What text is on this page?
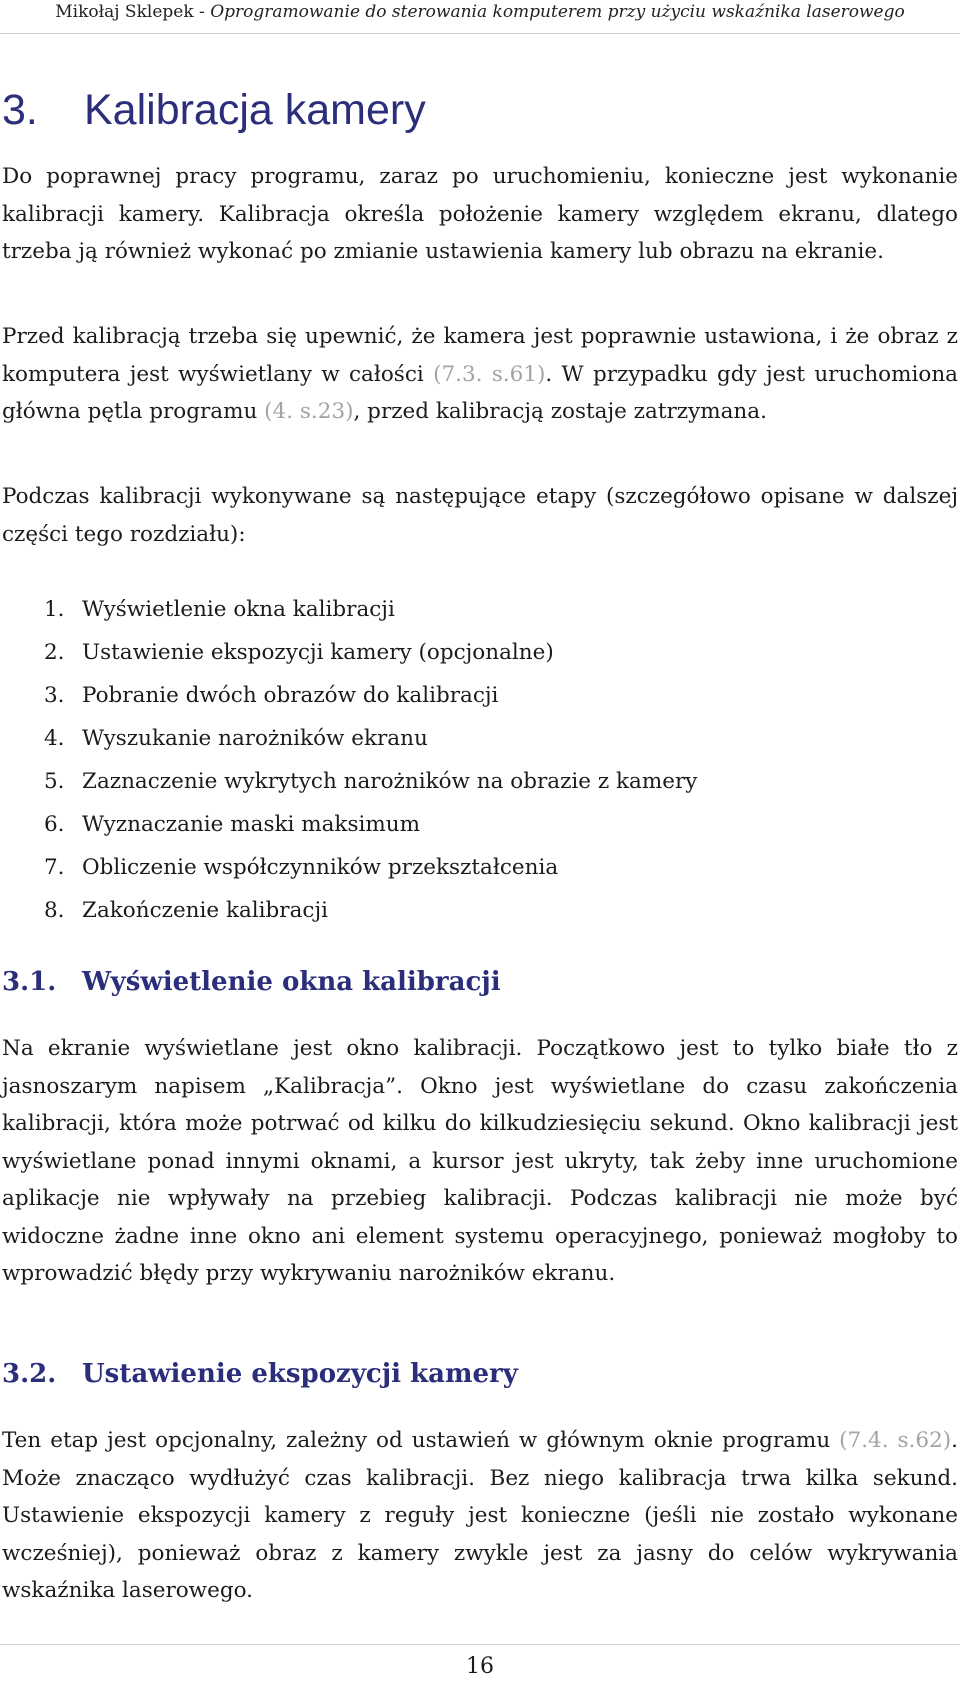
Mikołaj Sklepek - Oprogramowanie do sterowania komputerem przy użyciu wskaźnika laserowego
3. Kalibracja kamery

Do poprawnej pracy programu, zaraz po uruchomieniu, konieczne jest wykonanie kalibracji kamery. Kalibracja określa położenie kamery względem ekranu, dlatego trzeba ją również wykonać po zmianie ustawienia kamery lub obrazu na ekranie.

Przed kalibracją trzeba się upewnić, że kamera jest poprawnie ustawiona, i że obraz z komputera jest wyświetlany w całości (7.3. s.61). W przypadku gdy jest uruchomiona główna pętla programu (4. s.23), przed kalibracją zostaje zatrzymana.

Podczas kalibracji wykonywane są następujące etapy (szczegółowo opisane w dalszej części tego rozdziału):

1. Wyświetlenie okna kalibracji
2. Ustawienie ekspozycji kamery (opcjonalne)
3. Pobranie dwóch obrazów do kalibracji
4. Wyszukanie narożników ekranu
5. Zaznaczenie wykrytych narożników na obrazie z kamery
6. Wyznaczanie maski maksimum
7. Obliczenie współczynników przekształcenia
8. Zakończenie kalibracji
3.1. Wyświetlenie okna kalibracji

Na ekranie wyświetlane jest okno kalibracji. Początkowo jest to tylko białe tło z jasnoszarym napisem „Kalibracja”. Okno jest wyświetlane do czasu zakończenia kalibracji, która może potrwać od kilku do kilkudziesięciu sekund. Okno kalibracji jest wyświetlane ponad innymi oknami, a kursor jest ukryty, tak żeby inne uruchomione aplikacje nie wpływały na przebieg kalibracji. Podczas kalibracji nie może być widoczne żadne inne okno ani element systemu operacyjnego, ponieważ mogłoby to wprowadzić błędy przy wykrywaniu narożników ekranu.

3.2. Ustawienie ekspozycji kamery

Ten etap jest opcjonalny, zależny od ustawień w głównym oknie programu (7.4. s.62). Może znacząco wydłużyć czas kalibracji. Bez niego kalibracja trwa kilka sekund. Ustawienie ekspozycji kamery z reguły jest konieczne (jeśli nie zostało wykonane wcześniej), ponieważ obraz z kamery zwykle jest za jasny do celów wykrywania wskaźnika laserowego.

16
